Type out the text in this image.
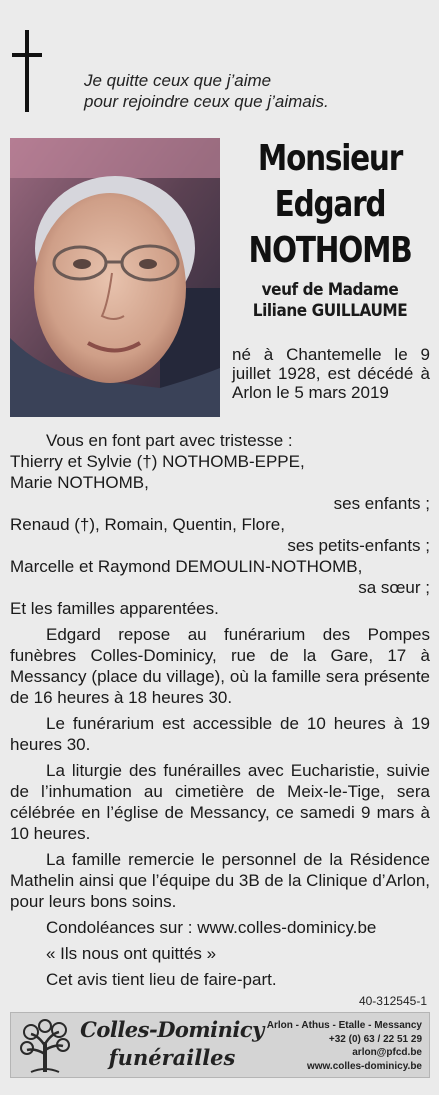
Je quitte ceux que j’aime
pour rejoindre ceux que j’aimais.
Monsieur
Edgard
NOTHOMB
veuf de Madame
Liliane GUILLAUME
né à Chantemelle le 9 juillet 1928, est décédé à Arlon le 5 mars 2019

Vous en font part avec tristesse :

Thierry et Sylvie (†) NOTHOMB-EPPE,

Marie NOTHOMB,

ses enfants ;

Renaud (†), Romain, Quentin, Flore,

ses petits-enfants ;

Marcelle et Raymond DEMOULIN-NOTHOMB,

sa sœur ;

Et les familles apparentées.

Edgard repose au funérarium des Pompes funèbres Colles-Dominicy, rue de la Gare, 17 à Messancy (place du village), où la famille sera présente de 16 heures à 18 heures 30.

Le funérarium est accessible de 10 heures à 19 heures 30.

La liturgie des funérailles avec Eucharistie, suivie de l’inhumation au cimetière de Meix-le-Tige, sera célébrée en l’église de Messancy, ce samedi 9 mars à 10 heures.

La famille remercie le personnel de la Résidence Mathelin ainsi que l’équipe du 3B de la Clinique d’Arlon, pour leurs bons soins.

Condoléances sur : www.colles-dominicy.be

« Ils nous ont quittés »

Cet avis tient lieu de faire-part.

40-312545-1
Colles-Dominicy
funérailles
Arlon - Athus - Etalle - Messancy
+32 (0) 63 / 22 51 29
arlon@pfcd.be
www.colles-dominicy.be
